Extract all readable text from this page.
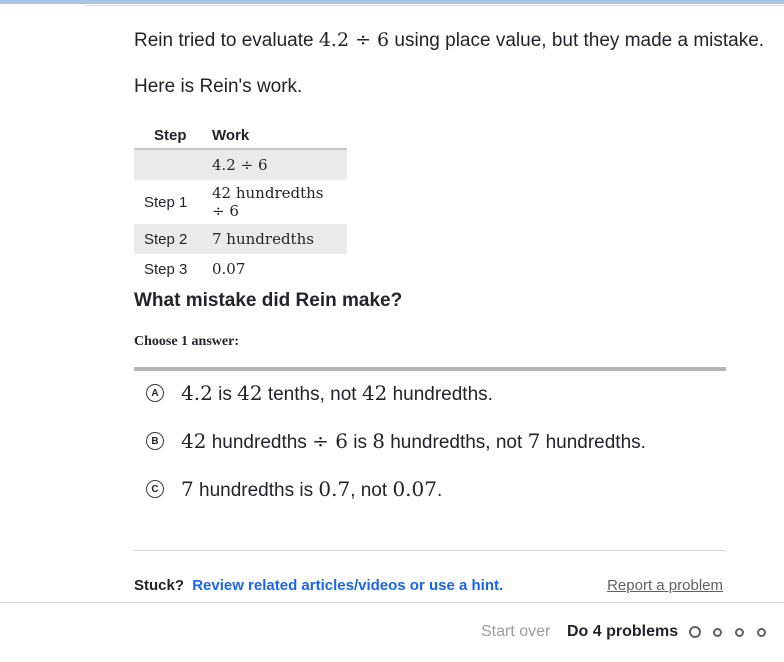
Rein tried to evaluate 4.2 ÷ 6 using place value, but they made a mistake.
Here is Rein's work.
Step	Work
	4.2 ÷ 6
Step 1	42 hundredths ÷ 6
Step 2	7 hundredths
Step 3	0.07
What mistake did Rein make?
Choose 1 answer:
A 4.2 is 42 tenths, not 42 hundredths.
B 42 hundredths ÷ 6 is 8 hundredths, not 7 hundredths.
C 7 hundredths is 0.7, not 0.07.
Stuck? Review related articles/videos or use a hint.	Report a problem
Start over Do 4 problems
